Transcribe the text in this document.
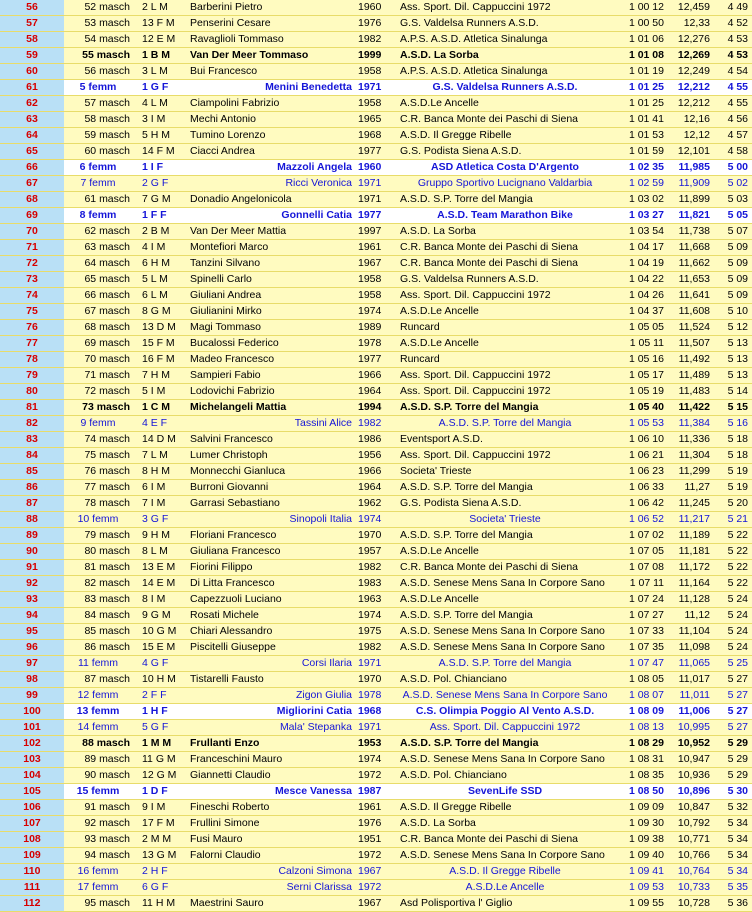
56	52 masch	2 L M	Barberini Pietro	1960	Ass. Sport. Dil. Cappuccini 1972	1 00 12	12,459	4 49
57	53 masch	13 F M	Penserini Cesare	1976	G.S. Valdelsa Runners A.S.D.	1 00 50	12,33	4 52
58	54 masch	12 E M	Ravaglioli Tommaso	1982	A.P.S. A.S.D. Atletica Sinalunga	1 01 06	12,276	4 53
59	55 masch	1 B M	Van Der Meer Tommaso	1999	A.S.D. La Sorba	1 01 08	12,269	4 53
60	56 masch	3 L M	Bui Francesco	1958	A.P.S. A.S.D. Atletica Sinalunga	1 01 19	12,249	4 54
61	5 femm	1 G F	Menini Benedetta	1971	G.S. Valdelsa Runners A.S.D.	1 01 25	12,212	4 55
62	57 masch	4 L M	Ciampolini Fabrizio	1958	A.S.D.Le Ancelle	1 01 25	12,212	4 55
63	58 masch	3 I M	Mechi Antonio	1965	C.R. Banca Monte dei Paschi di Siena	1 01 41	12,16	4 56
64	59 masch	5 H M	Tumino Lorenzo	1968	A.S.D. Il Gregge Ribelle	1 01 53	12,12	4 57
65	60 masch	14 F M	Ciacci Andrea	1977	G.S. Podista Siena A.S.D.	1 01 59	12,101	4 58
66	6 femm	1 I F	Mazzoli Angela	1960	ASD Atletica Costa D'Argento	1 02 35	11,985	5 00
67	7 femm	2 G F	Ricci Veronica	1971	Gruppo Sportivo Lucignano Valdarbia	1 02 59	11,909	5 02
68	61 masch	7 G M	Donadio Angelonicola	1971	A.S.D. S.P. Torre del Mangia	1 03 02	11,899	5 03
69	8 femm	1 F F	Gonnelli Catia	1977	A.S.D. Team Marathon Bike	1 03 27	11,821	5 05
70	62 masch	2 B M	Van Der Meer Mattia	1997	A.S.D. La Sorba	1 03 54	11,738	5 07
71	63 masch	4 I M	Montefiori Marco	1961	C.R. Banca Monte dei Paschi di Siena	1 04 17	11,668	5 09
72	64 masch	6 H M	Tanzini Silvano	1967	C.R. Banca Monte dei Paschi di Siena	1 04 19	11,662	5 09
73	65 masch	5 L M	Spinelli Carlo	1958	G.S. Valdelsa Runners A.S.D.	1 04 22	11,653	5 09
74	66 masch	6 L M	Giuliani Andrea	1958	Ass. Sport. Dil. Cappuccini 1972	1 04 26	11,641	5 09
75	67 masch	8 G M	Giulianini Mirko	1974	A.S.D.Le Ancelle	1 04 37	11,608	5 10
76	68 masch	13 D M	Magi Tommaso	1989	Runcard	1 05 05	11,524	5 12
77	69 masch	15 F M	Bucalossi Federico	1978	A.S.D.Le Ancelle	1 05 11	11,507	5 13
78	70 masch	16 F M	Madeo Francesco	1977	Runcard	1 05 16	11,492	5 13
79	71 masch	7 H M	Sampieri Fabio	1966	Ass. Sport. Dil. Cappuccini 1972	1 05 17	11,489	5 13
80	72 masch	5 I M	Lodovichi Fabrizio	1964	Ass. Sport. Dil. Cappuccini 1972	1 05 19	11,483	5 14
81	73 masch	1 C M	Michelangeli Mattia	1994	A.S.D. S.P. Torre del Mangia	1 05 40	11,422	5 15
82	9 femm	4 E F	Tassini Alice	1982	A.S.D. S.P. Torre del Mangia	1 05 53	11,384	5 16
83	74 masch	14 D M	Salvini Francesco	1986	Eventsport A.S.D.	1 06 10	11,336	5 18
84	75 masch	7 L M	Lumer Christoph	1956	Ass. Sport. Dil. Cappuccini 1972	1 06 21	11,304	5 18
85	76 masch	8 H M	Monnecchi Gianluca	1966	Societa' Trieste	1 06 23	11,299	5 19
86	77 masch	6 I M	Burroni Giovanni	1964	A.S.D. S.P. Torre del Mangia	1 06 33	11,27	5 19
87	78 masch	7 I M	Garrasi Sebastiano	1962	G.S. Podista Siena A.S.D.	1 06 42	11,245	5 20
88	10 femm	3 G F	Sinopoli Italia	1974	Societa' Trieste	1 06 52	11,217	5 21
89	79 masch	9 H M	Floriani Francesco	1970	A.S.D. S.P. Torre del Mangia	1 07 02	11,189	5 22
90	80 masch	8 L M	Giuliana Francesco	1957	A.S.D.Le Ancelle	1 07 05	11,181	5 22
91	81 masch	13 E M	Fiorini Filippo	1982	C.R. Banca Monte dei Paschi di Siena	1 07 08	11,172	5 22
92	82 masch	14 E M	Di Litta Francesco	1983	A.S.D. Senese Mens Sana In Corpore Sano	1 07 11	11,164	5 22
93	83 masch	8 I M	Capezzuoli Luciano	1963	A.S.D.Le Ancelle	1 07 24	11,128	5 24
94	84 masch	9 G M	Rosati Michele	1974	A.S.D. S.P. Torre del Mangia	1 07 27	11,12	5 24
95	85 masch	10 G M	Chiari Alessandro	1975	A.S.D. Senese Mens Sana In Corpore Sano	1 07 33	11,104	5 24
96	86 masch	15 E M	Piscitelli Giuseppe	1982	A.S.D. Senese Mens Sana In Corpore Sano	1 07 35	11,098	5 24
97	11 femm	4 G F	Corsi Ilaria	1971	A.S.D. S.P. Torre del Mangia	1 07 47	11,065	5 25
98	87 masch	10 H M	Tistarelli Fausto	1970	A.S.D. Pol. Chianciano	1 08 05	11,017	5 27
99	12 femm	2 F F	Zigon Giulia	1978	A.S.D. Senese Mens Sana In Corpore Sano	1 08 07	11,011	5 27
100	13 femm	1 H F	Migliorini Catia	1968	C.S. Olimpia Poggio Al Vento A.S.D.	1 08 09	11,006	5 27
101	14 femm	5 G F	Mala' Stepanka	1971	Ass. Sport. Dil. Cappuccini 1972	1 08 13	10,995	5 27
102	88 masch	1 M M	Frullanti Enzo	1953	A.S.D. S.P. Torre del Mangia	1 08 29	10,952	5 29
103	89 masch	11 G M	Franceschini Mauro	1974	A.S.D. Senese Mens Sana In Corpore Sano	1 08 31	10,947	5 29
104	90 masch	12 G M	Giannetti Claudio	1972	A.S.D. Pol. Chianciano	1 08 35	10,936	5 29
105	15 femm	1 D F	Mesce Vanessa	1987	SevenLife SSD	1 08 50	10,896	5 30
106	91 masch	9 I M	Fineschi Roberto	1961	A.S.D. Il Gregge Ribelle	1 09 09	10,847	5 32
107	92 masch	17 F M	Frullini Simone	1976	A.S.D. La Sorba	1 09 30	10,792	5 34
108	93 masch	2 M M	Fusi Mauro	1951	C.R. Banca Monte dei Paschi di Siena	1 09 38	10,771	5 34
109	94 masch	13 G M	Falorni Claudio	1972	A.S.D. Senese Mens Sana In Corpore Sano	1 09 40	10,766	5 34
110	16 femm	2 H F	Calzoni Simona	1967	A.S.D. Il Gregge Ribelle	1 09 41	10,764	5 34
111	17 femm	6 G F	Serni Clarissa	1972	A.S.D.Le Ancelle	1 09 53	10,733	5 35
112	95 masch	11 H M	Maestrini Sauro	1967	Asd Polisportiva l' Giglio	1 09 55	10,728	5 36
